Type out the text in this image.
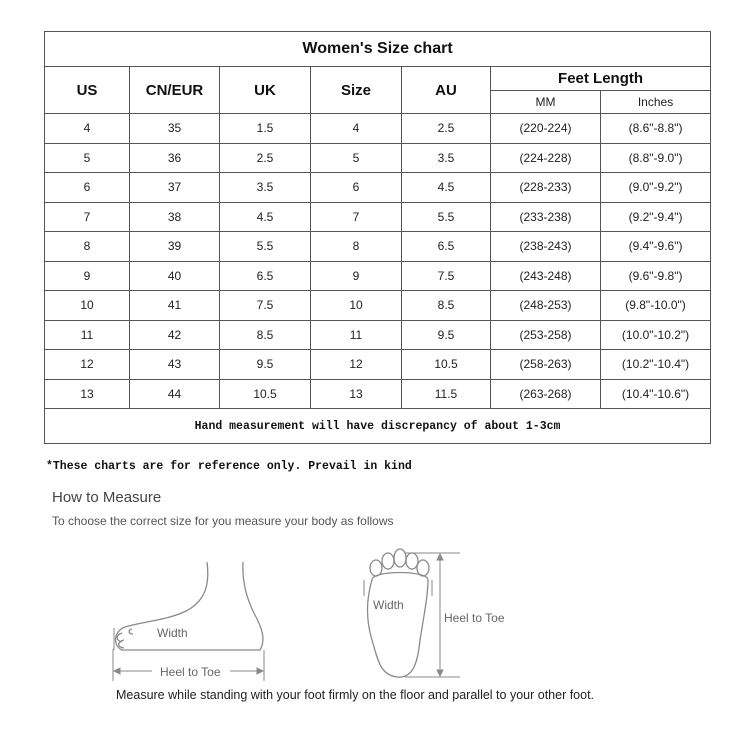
Women's Size chart						
US	CN/EUR	UK	Size	AU	Feet Length	
					MM	Inches
4	35	1.5	4	2.5	(220-224)	(8.6"-8.8")
5	36	2.5	5	3.5	(224-228)	(8.8"-9.0")
6	37	3.5	6	4.5	(228-233)	(9.0"-9.2")
7	38	4.5	7	5.5	(233-238)	(9.2"-9.4")
8	39	5.5	8	6.5	(238-243)	(9.4"-9.6")
9	40	6.5	9	7.5	(243-248)	(9.6"-9.8")
10	41	7.5	10	8.5	(248-253)	(9.8"-10.0")
11	42	8.5	11	9.5	(253-258)	(10.0"-10.2")
12	43	9.5	12	10.5	(258-263)	(10.2"-10.4")
13	44	10.5	13	11.5	(263-268)	(10.4"-10.6")
Hand measurement will have discrepancy of about 1-3cm						
*These charts are for reference only. Prevail in kind
How to Measure
To choose the correct size for you measure your body as follows
Width
Heel to Toe
Width
Heel to Toe
Measure while standing with your foot firmly on the floor and parallel to your other foot.
